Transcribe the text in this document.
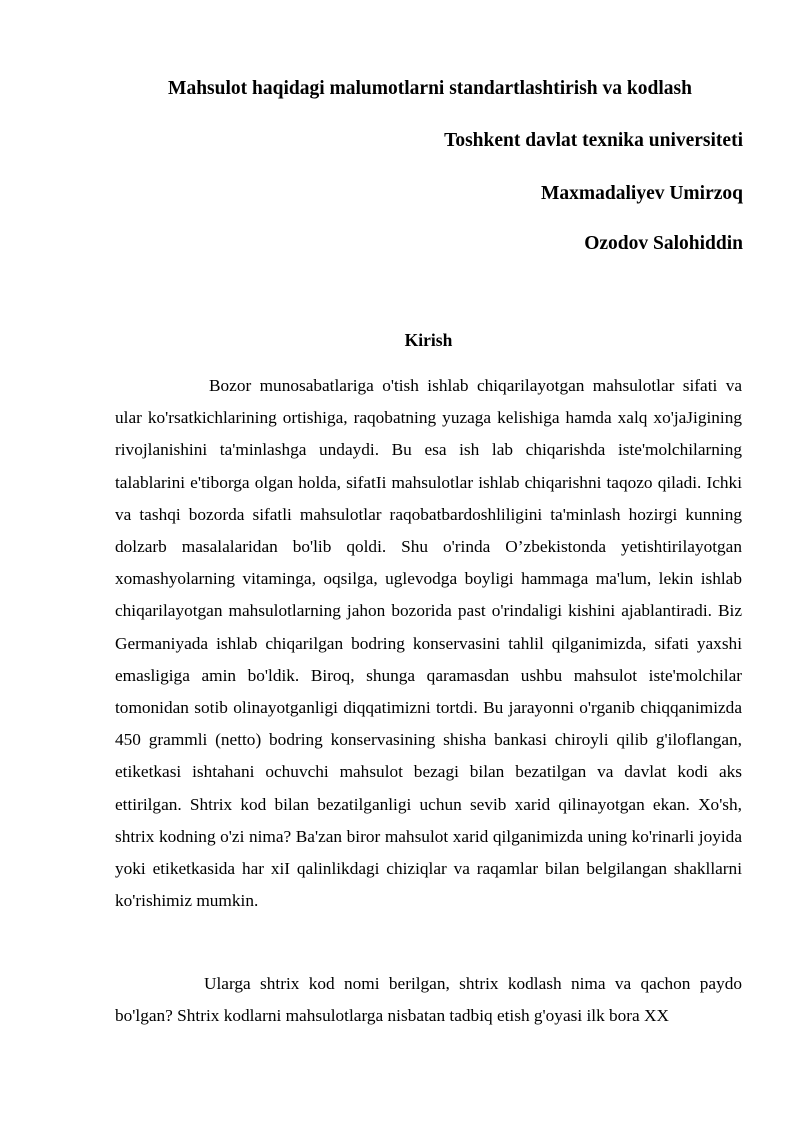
Mahsulot haqidagi malumotlarni standartlashtirish va kodlash

Toshkent davlat texnika universiteti

Maxmadaliyev Umirzoq

Ozodov Salohiddin

Kirish

Bozor munosabatlariga o'tish ishlab chiqarilayotgan mahsulotlar sifati va ular ko'rsatkichlarining ortishiga, raqobatning yuzaga kelishiga hamda xalq xo'jaJigining rivojlanishini ta'minlashga undaydi. Bu esa ish lab chiqarishda iste'molchilarning talablarini e'tiborga olgan holda, sifatIi mahsulotlar ishlab chiqarishni taqozo qiladi. Ichki va tashqi bozorda sifatli mahsulotlar raqobatbardoshliligini ta'minlash hozirgi kunning dolzarb masalalaridan bo'lib qoldi. Shu o'rinda O’zbekistonda yetishtirilayotgan xomashyolarning vitaminga, oqsilga, uglevodga boyligi hammaga ma'lum, lekin ishlab chiqarilayotgan mahsulotlarning jahon bozorida past o'rindaligi kishini ajablantiradi. Biz Germaniyada ishlab chiqarilgan bodring konservasini tahlil qilganimizda, sifati yaxshi emasligiga amin bo'ldik. Biroq, shunga qaramasdan ushbu mahsulot iste'molchilar tomonidan sotib olinayotganligi diqqatimizni tortdi. Bu jarayonni o'rganib chiqqanimizda 450 grammli (netto) bodring konservasining shisha bankasi chiroyli qilib g'iloflangan, etiketkasi ishtahani ochuvchi mahsulot bezagi bilan bezatilgan va davlat kodi aks ettirilgan. Shtrix kod bilan bezatilganligi uchun sevib xarid qilinayotgan ekan. Xo'sh, shtrix kodning o'zi nima? Ba'zan biror mahsulot xarid qilganimizda uning ko'rinarli joyida yoki etiketkasida har xiI qalinlikdagi chiziqlar va raqamlar bilan belgilangan shakllarni ko'rishimiz mumkin.

Ularga shtrix kod nomi berilgan, shtrix kodlash nima va qachon paydo bo'lgan? Shtrix kodlarni mahsulotlarga nisbatan tadbiq etish g'oyasi ilk bora XX
